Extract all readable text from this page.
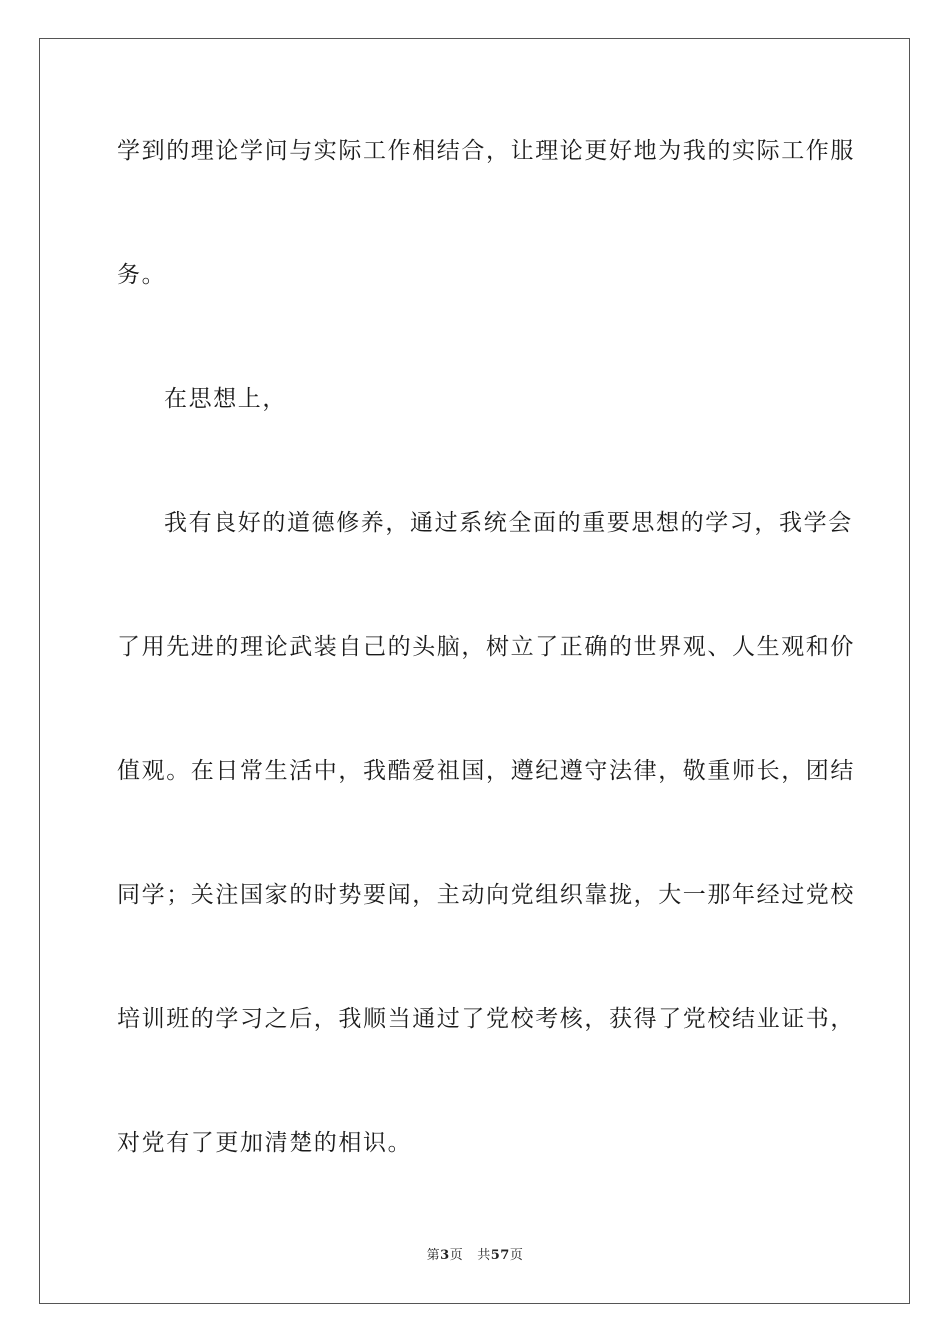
学到的理论学问与实际工作相结合，让理论更好地为我的实际工作服
务。
在思想上，
我有良好的道德修养，通过系统全面的重要思想的学习，我学会
了用先进的理论武装自己的头脑，树立了正确的世界观、人生观和价
值观。在日常生活中，我酷爱祖国，遵纪遵守法律，敬重师长，团结
同学；关注国家的时势要闻，主动向党组织靠拢，大一那年经过党校
培训班的学习之后，我顺当通过了党校考核，获得了党校结业证书，
对党有了更加清楚的相识。
第3页 共57页
